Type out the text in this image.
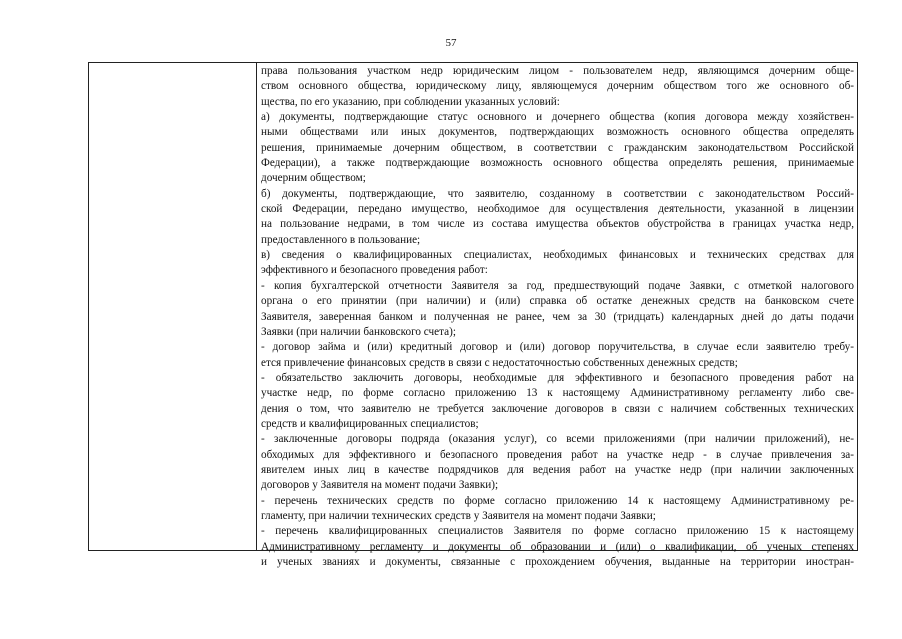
57
права пользования участком недр юридическим лицом - пользователем недр, являющимся дочерним обще-
ством основного общества, юридическому лицу, являющемуся дочерним обществом того же основного об-
щества, по его указанию, при соблюдении указанных условий:
а) документы, подтверждающие статус основного и дочернего общества (копия договора между хозяйствен-
ными обществами или иных документов, подтверждающих возможность основного общества определять
решения, принимаемые дочерним обществом, в соответствии с гражданским законодательством Российской
Федерации), а также подтверждающие возможность основного общества определять решения, принимаемые
дочерним обществом;
б) документы, подтверждающие, что заявителю, созданному в соответствии с законодательством Россий-
ской Федерации, передано имущество, необходимое для осуществления деятельности, указанной в лицензии
на пользование недрами, в том числе из состава имущества объектов обустройства в границах участка недр,
предоставленного в пользование;
в) сведения о квалифицированных специалистах, необходимых финансовых и технических средствах для
эффективного и безопасного проведения работ:
- копия бухгалтерской отчетности Заявителя за год, предшествующий подаче Заявки, с отметкой налогового
органа о его принятии (при наличии) и (или) справка об остатке денежных средств на банковском счете
Заявителя, заверенная банком и полученная не ранее, чем за 30 (тридцать) календарных дней до даты подачи
Заявки (при наличии банковского счета);
- договор займа и (или) кредитный договор и (или) договор поручительства, в случае если заявителю требу-
ется привлечение финансовых средств в связи с недостаточностью собственных денежных средств;
- обязательство заключить договоры, необходимые для эффективного и безопасного проведения работ на
участке недр, по форме согласно приложению 13 к настоящему Административному регламенту либо све-
дения о том, что заявителю не требуется заключение договоров в связи с наличием собственных технических
средств и квалифицированных специалистов;
- заключенные договоры подряда (оказания услуг), со всеми приложениями (при наличии приложений), не-
обходимых для эффективного и безопасного проведения работ на участке недр - в случае привлечения за-
явителем иных лиц в качестве подрядчиков для ведения работ на участке недр (при наличии заключенных
договоров у Заявителя на момент подачи Заявки);
- перечень технических средств по форме согласно приложению 14 к настоящему Административному ре-
гламенту, при наличии технических средств у Заявителя на момент подачи Заявки;
- перечень квалифицированных специалистов Заявителя по форме согласно приложению 15 к настоящему
Административному регламенту и документы об образовании и (или) о квалификации, об ученых степенях
и ученых званиях и документы, связанные с прохождением обучения, выданные на территории иностран-
